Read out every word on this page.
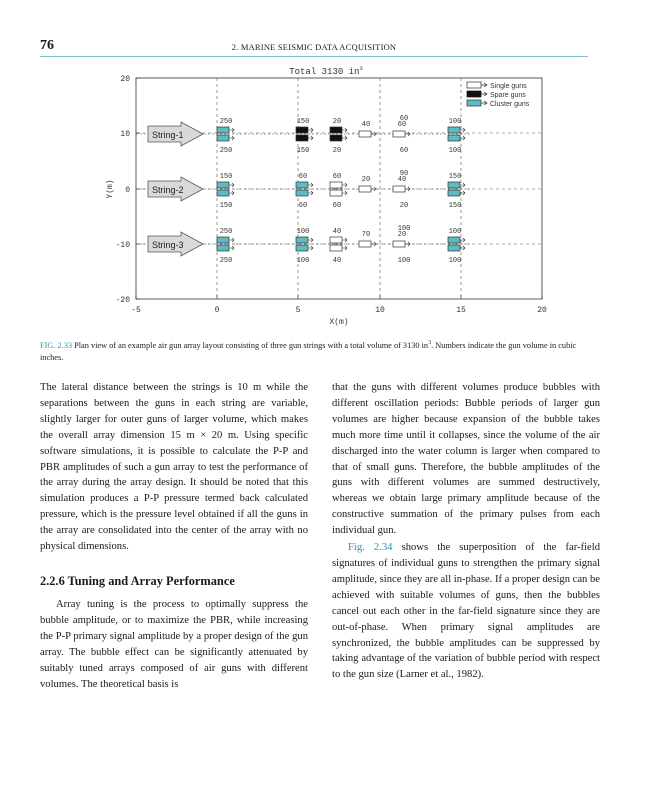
76	2. MARINE SEISMIC DATA ACQUISITION
-5	0	5	10	15	20
X(m)
20
10
0
-10
-20
Y(m)
Total 3130 $in^3$
Single guns
Spare guns
Cluster guns
String-1
String-2
String-3
250
250
150
150
20
20
40	60	100
100
60
60
150
150
60
60
60
60
20	40	150
150
90
20
250
250
100
100
40
40
70	20	100
100
100
100
FIG. 2.33 Plan view of an example air gun array layout consisting of three gun strings with a total volume of 3130 $in^3$. Numbers indicate the gun volume in cubic inches.

The lateral distance between the strings is 10 m while the separations between the guns in each string are variable, slightly larger for outer guns of larger volume, which makes the overall array dimension 15 m × 20 m. Using specific software simulations, it is possible to calculate the P-P and PBR amplitudes of such a gun array to test the performance of the array during the array design. It should be noted that this simulation produces a P-P pressure termed back calculated pressure, which is the pressure level obtained if all the guns in the array are consolidated into the center of the array with no physical dimensions.

2.2.6 Tuning and Array Performance

Array tuning is the process to optimally suppress the bubble amplitude, or to maximize the PBR, while increasing the P-P primary signal amplitude by a proper design of the gun array. The bubble effect can be significantly attenuated by suitably tuned arrays composed of air guns with different volumes. The theoretical basis is

that the guns with different volumes produce bubbles with different oscillation periods: Bubble periods of larger gun volumes are higher because expansion of the bubble takes much more time until it collapses, since the volume of the air discharged into the water column is larger when compared to that of small guns. Therefore, the bubble amplitudes of the guns with different volumes are summed destructively, whereas we obtain large primary amplitude because of the constructive summation of the primary pulses from each individual gun.

Fig. 2.34 shows the superposition of the far-field signatures of individual guns to strengthen the primary signal amplitude, since they are all in-phase. If a proper design can be achieved with suitable volumes of guns, then the bubbles cancel out each other in the far-field signature since they are out-of-phase. When primary signal amplitudes are synchronized, the bubble amplitudes can be suppressed by taking advantage of the variation of bubble period with respect to the gun size (Larner et al., 1982).
